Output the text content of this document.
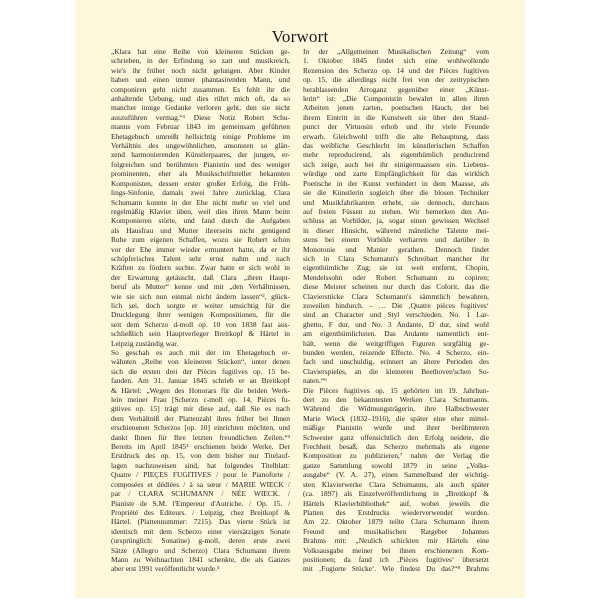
Vorwort
„Klara hat eine Reihe von kleineren Stücken ge-
schrieben, in der Erfindung so zart und musikreich,
wie's ihr früher noch nicht gelungen. Aber Kinder
haben und einen immer phantasirenden Mann, und
componiren geht nicht zusammen. Es fehlt ihr die
anhaltende Uebung, und dies rührt mich oft, da so
mancher innige Gedanke verloren geht, den sie nicht
auszuführen vermag.“¹ Diese Notiz Robert Schu-
manns vom Februar 1843 im gemeinsam geführten
Ehetagebuch umreißt hellsichtig einige Probleme im
Verhältnis des ungewöhnlichen, ansonsten so glän-
zend harmonierenden Künstlerpaares, der jungen, er-
folgreichen und berühmten Pianistin und des weniger
prominenten, eher als Musikschriftsteller bekannten
Komponisten, dessen erster großer Erfolg, die Früh-
lings-Sinfonie, damals zwei Jahre zurücklag. Clara
Schumann konnte in der Ehe nicht mehr so viel und
regelmäßig Klavier üben, weil dies ihren Mann beim
Komponieren störte, und fand durch die Aufgaben
als Hausfrau und Mutter ihrerseits nicht genügend
Ruhe zum eigenen Schaffen, wozu sie Robert schon
vor der Ehe immer wieder ermuntert hatte, da er ihr
schöpferisches Talent sehr ernst nahm und nach
Kräften zu fördern suchte. Zwar hatte er sich wohl in
der Erwartung getäuscht, daß Clara „ihren Haupt-
beruf als Mutter“ kenne und mit „den Verhältnissen,
wie sie sich nun einmal nicht ändern lassen“², glück-
lich sei, doch sorgte er weiter umsichtig für die
Drucklegung ihrer wenigen Kompositionen, für die
seit dem Scherzo d-moll op. 10 von 1838 fast aus-
schließlich sein Hauptverleger Breitkopf & Härtel in
Leipzig zuständig war.
So geschah es auch mit der im Ehetagebuch er-
wähnten „Reihe von kleineren Stücken“, unter denen
sich die ersten drei der Pièces fugitives op. 15 be-
fanden. Am 31. Januar 1845 schrieb er an Breitkopf
& Härtel: „Wegen des Honorars für die beiden Werk-
lein meiner Frau [Scherzo c-moll op. 14, Pièces fu-
gitives op. 15] trägt mir diese auf, daß Sie es nach
dem Verhältniß der Plattenzahl ihres früher bei Ihnen
erschienenen Scherzos [op. 10] einrichten möchten, und
dankt Ihnen für Ihre letzten freundlichen Zeilen.“³
Bereits im April 1845⁴ erschienen beide Werke. Der
Erstdruck des op. 15, von dem bisher nur Titelauf-
lagen nachzuweisen sind, hat folgendes Titelblatt:
Quatre / PIEÇES FUGITIVES / pour le Pianoforte /
composées et dédiées / à sa sœur / MARIE WIECK /
par / CLARA SCHUMANN / NÉE WIECK. /
Pianiste de S.M. l'Empereur d'Autriche. / Op. 15. /
Propriété des Editeurs. / Leipzig, chez Breitkopf &
Härtel. (Plattennummer: 7215). Das vierte Stück ist
identisch mit dem Scherzo einer viersätzigen Sonate
(ursprünglich: Sonatine) g-moll, deren erste zwei
Sätze (Allegro und Scherzo) Clara Schumann ihrem
Mann zu Weihnachten 1841 schenkte, die als Ganzes
aber erst 1991 veröffentlicht wurde.⁵
In der „Allgemeinen Musikalischen Zeitung“ vom
1. Oktober 1845 findet sich eine wohlwollende
Rezension des Scherzo op. 14 und der Pièces fugitives
op. 15, die allerdings nicht frei von der zeittypischen
herablassenden Arroganz gegenüber einer „Künst-
lerin“ ist: „Die Componistin bewahrt in allen ihren
Arbeiten jenen zarten, poetischen Hauch, der bei
ihrem Eintritt in die Kunstwelt sie über den Stand-
punct der Virtuosin erhob und ihr viele Freunde
erwarb. Gleichwohl trifft die alte Behauptung, dass
das weibliche Geschlecht im künstlerischen Schaffen
mehr reproducirend, als eigenthümlich producirend
sich zeige, auch bei ihr einigermaassen ein. Liebens-
würdige und zarte Empfänglichkeit für das wirklich
Poetische in der Kunst verhindert in dem Maasse, als
sie die Künstlerin sogleich über die blosen Techniker
und Musikfabrikanten erhebt, sie dennoch, durchaus
auf freien Füssen zu stehen. Wir bemerken den An-
schluss an Vorbilder, ja, sogar einen gewissen Wechsel
in dieser Hinsicht, während männliche Talente mei-
stens bei einem Vorbilde verharren und darüber in
Monotonie und Manier gerathen. Dennoch findet
sich in Clara Schumann's Schreibart mancher ihr
eigenthümliche Zug; sie ist weit entfernt, Chopin,
Mendelssohn oder Robert Schumann zu copiren;
diese Meister scheinen nur durch das Colorit, das die
Clavierstücke Clara Schumann's sämmtlich bewahren,
zuweilen hindurch. – … Die ‚Quatre pièces fugitives‘
sind an Character und Styl verschieden. No. 1 Lar-
ghetto, F dur, und No. 3 Andante, D dur, sind wohl
am eigenthümlichsten. Das Andante namentlich ent-
hält, wenn die weitgriffigen Figuren sorgfältig ge-
bunden werden, reizende Effecte. No. 4 Scherzo, ein-
fach und unschuldig, erinnert an ältere Perioden des
Clavierspieles, an die kleineren Beethoven'schen So-
naten.“⁶
Die Pièces fugitives op. 15 gehörten im 19. Jahrhun-
dert zu den bekanntesten Werken Clara Schumanns.
Während die Widmungsträgerin, ihre Halbschwester
Marie Wieck (1832–1916), die später eine eher mittel-
mäßige Pianistin wurde und ihrer berühmteren
Schwester ganz offensichtlich den Erfolg neidete, die
Frechheit besaß, das Scherzo mehrmals als eigene
Komposition zu publizieren,⁷ nahm der Verlag die
ganze Sammlung sowohl 1879 in seine „Volks-
ausgabe“ (V. A. 27), einen Sammelband der wichtig-
sten Klavierwerke Clara Schumanns, als auch später
(ca. 1897) als Einzelveröffentlichung in „Breitkopf &
Härtels Klavierbibliothek“ auf, wobei jeweils die
Platten des Erstdrucks wiederverwendet wurden.
Am 22. Oktober 1879 teilte Clara Schumann ihrem
Freund und musikalischen Ratgeber Johannes
Brahms mit: „Neulich schickten mir Härtels eine
Volksausgabe meiner bei ihnen erschienenen Kom-
positionen; da fand ich ‚Pièces fugitives‘ übersetzt
mit ‚Fugierte Stücke‘. Wie findest Du das?“⁸ Brahms
